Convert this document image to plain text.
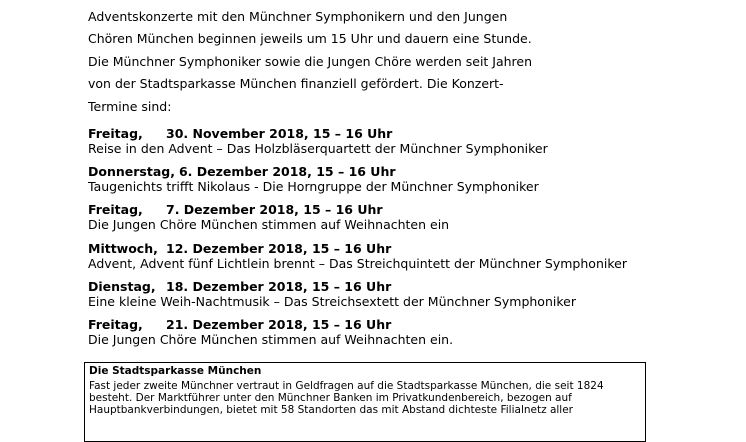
Adventskonzerte mit den Münchner Symphonikern und den Jungen

Chören München beginnen jeweils um 15 Uhr und dauern eine Stunde.

Die Münchner Symphoniker sowie die Jungen Chöre werden seit Jahren

von der Stadtsparkasse München finanziell gefördert. Die Konzert-

Termine sind:

Freitag,	30. November 2018, 15 – 16 Uhr
Reise in den Advent – Das Holzbläserquartett der Münchner Symphoniker
Donnerstag, 6. Dezember 2018, 15 – 16 Uhr
Taugenichts trifft Nikolaus - Die Horngruppe der Münchner Symphoniker
Freitag,	7. Dezember 2018, 15 – 16 Uhr
Die Jungen Chöre München stimmen auf Weihnachten ein
Mittwoch, 12. Dezember 2018, 15 – 16 Uhr
Advent, Advent fünf Lichtlein brennt – Das Streichquintett der Münchner Symphoniker
Dienstag, 18. Dezember 2018, 15 – 16 Uhr
Eine kleine Weih-Nachtmusik – Das Streichsextett der Münchner Symphoniker
Freitag,	21. Dezember 2018, 15 – 16 Uhr
Die Jungen Chöre München stimmen auf Weihnachten ein.
Die Stadtsparkasse München

Fast jeder zweite Münchner vertraut in Geldfragen auf die Stadtsparkasse München, die seit 1824 besteht. Der Marktführer unter den Münchner Banken im Privatkundenbereich, bezogen auf Hauptbankverbindungen, bietet mit 58 Standorten das mit Abstand dichteste Filialnetz aller
